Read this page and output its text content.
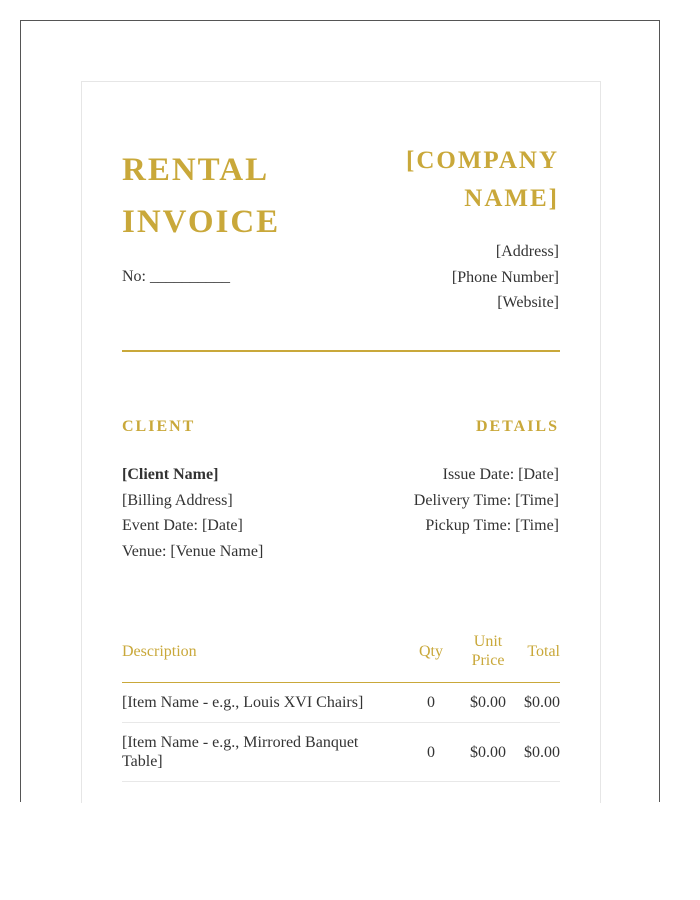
RENTAL
INVOICE
[COMPANY
NAME]
[Address]
[Phone Number]
[Website]
No: __________
CLIENT	DETAILS
[Client Name]
[Billing Address]
Event Date: [Date]
Venue: [Venue Name]
Issue Date: [Date]
Delivery Time: [Time]
Pickup Time: [Time]
Description	Qty	Unit Price	Total
[Item Name - e.g., Louis XVI Chairs]	0	$0.00	$0.00
[Item Name - e.g., Mirrored Banquet Table]	0	$0.00	$0.00
